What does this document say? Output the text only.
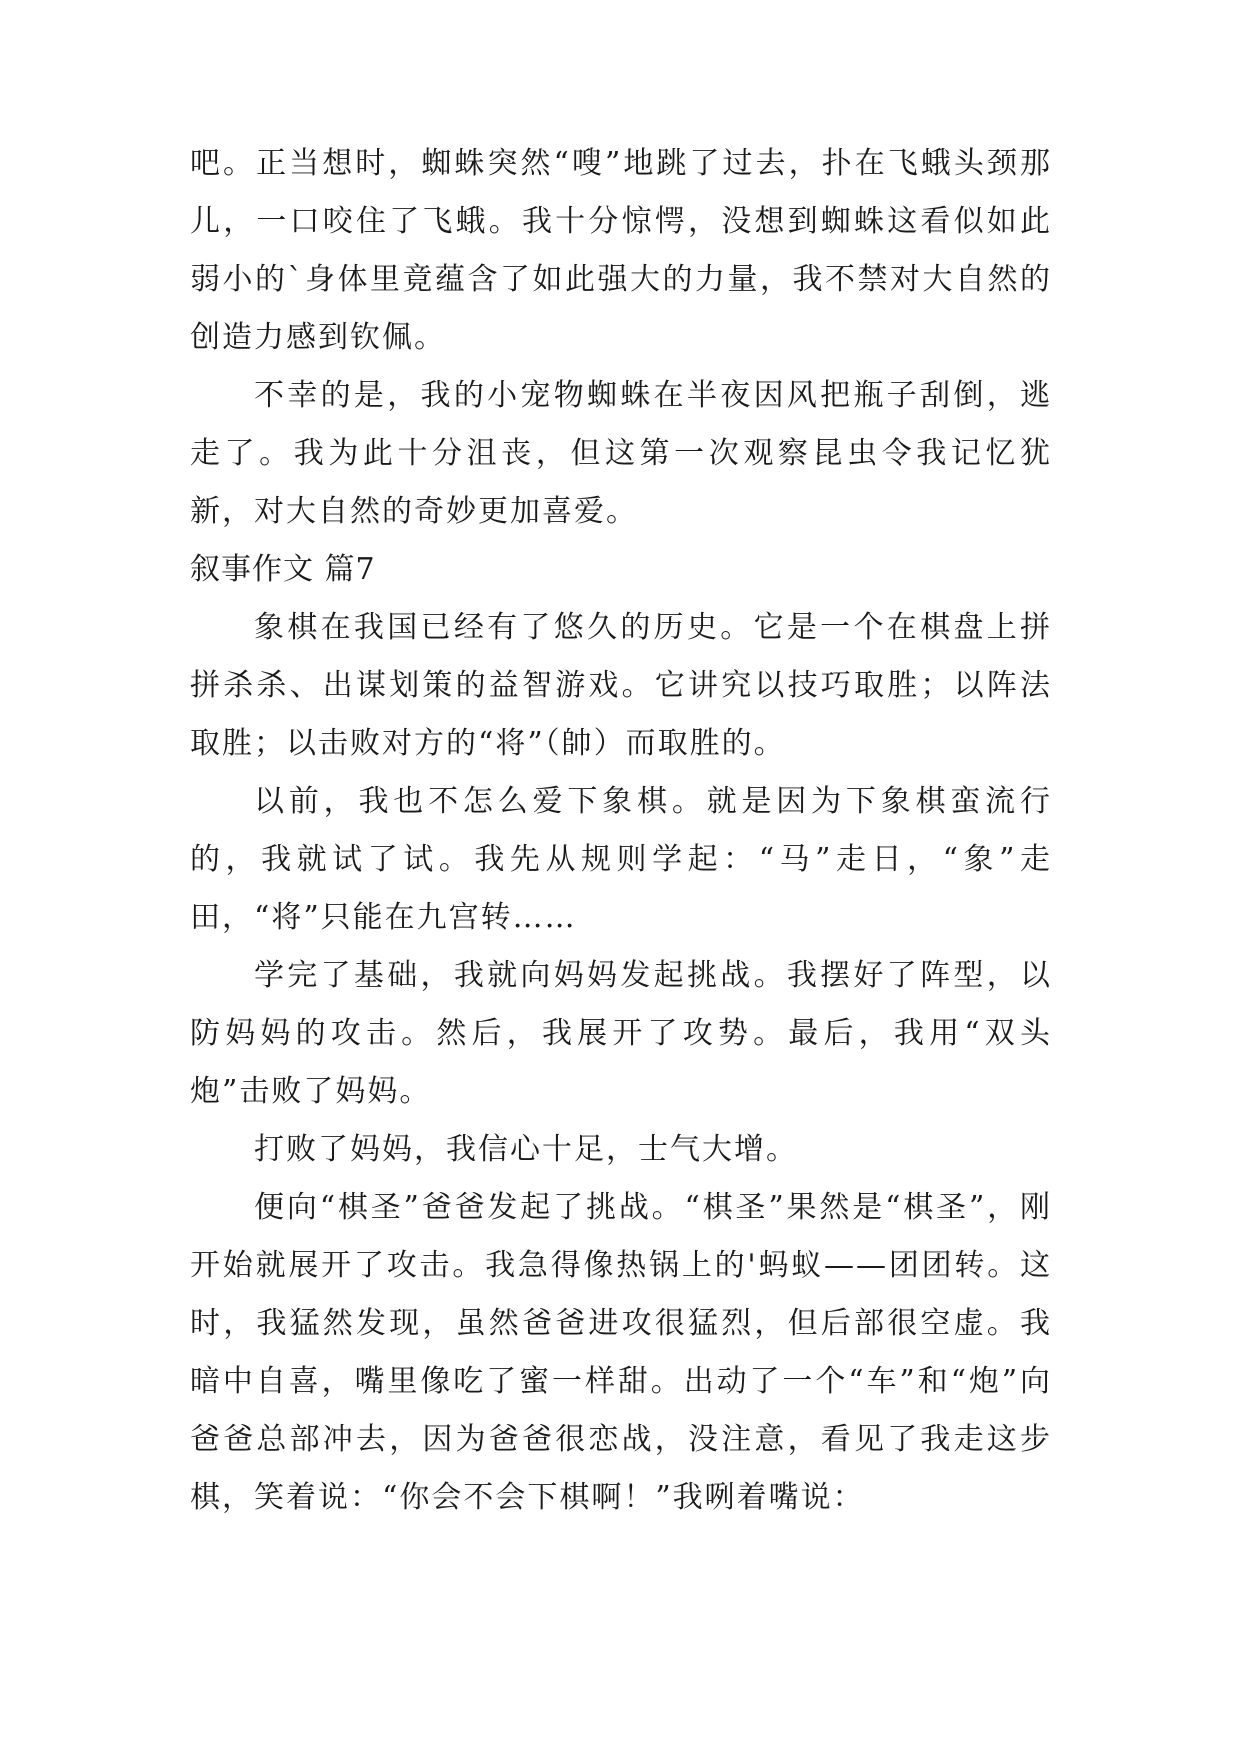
吧。正当想时，蜘蛛突然“嗖”地跳了过去，扑在飞蛾头颈那儿，一口咬住了飞蛾。我十分惊愕，没想到蜘蛛这看似如此弱小的`身体里竟蕴含了如此强大的力量，我不禁对大自然的创造力感到钦佩。

不幸的是，我的小宠物蜘蛛在半夜因风把瓶子刮倒，逃走了。我为此十分沮丧，但这第一次观察昆虫令我记忆犹新，对大自然的奇妙更加喜爱。

叙事作文 篇7

象棋在我国已经有了悠久的历史。它是一个在棋盘上拼拼杀杀、出谋划策的益智游戏。它讲究以技巧取胜；以阵法取胜；以击败对方的“将”（帥）而取胜的。

以前，我也不怎么爱下象棋。就是因为下象棋蛮流行的，我就试了试。我先从规则学起：“马”走日，“象”走田，“将”只能在九宫转……

学完了基础，我就向妈妈发起挑战。我摆好了阵型，以防妈妈的攻击。然后，我展开了攻势。最后，我用“双头炮”击败了妈妈。

打败了妈妈，我信心十足，士气大增。

便向“棋圣”爸爸发起了挑战。“棋圣”果然是“棋圣”，刚开始就展开了攻击。我急得像热锅上的'蚂蚁——团团转。这时，我猛然发现，虽然爸爸进攻很猛烈，但后部很空虚。我暗中自喜，嘴里像吃了蜜一样甜。出动了一个“车”和“炮”向爸爸总部冲去，因为爸爸很恋战，没注意，看见了我走这步棋，笑着说：“你会不会下棋啊！”我咧着嘴说：
